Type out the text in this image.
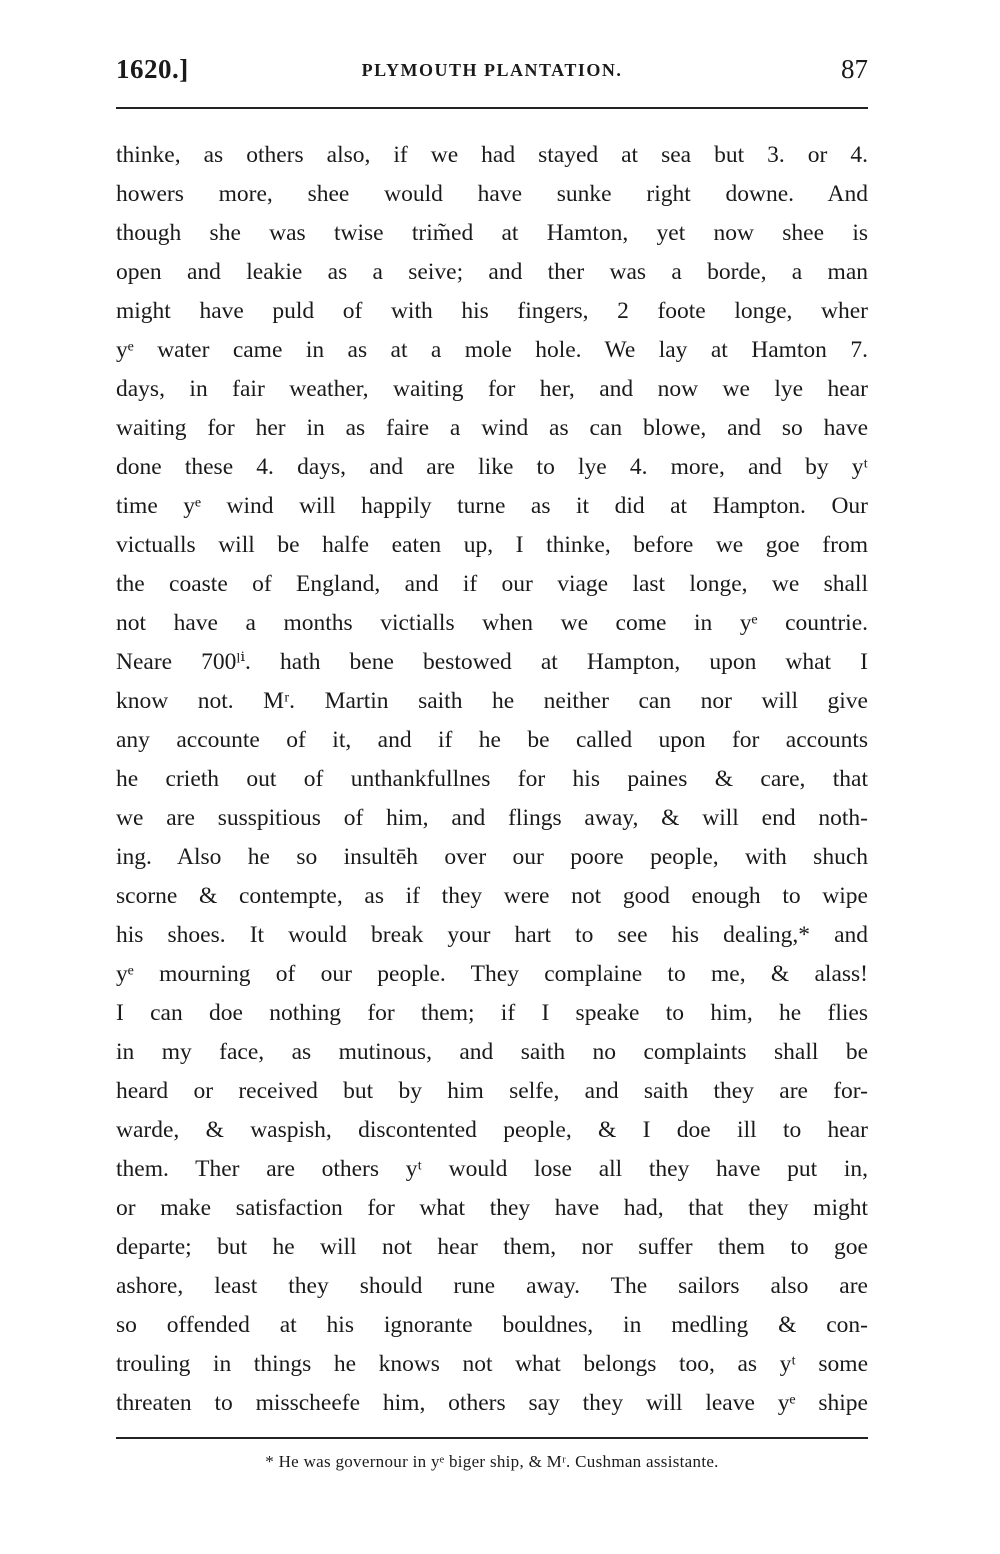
1620.]	PLYMOUTH PLANTATION.	87
thinke, as others also, if we had stayed at sea but 3. or 4.
howers more, shee would have sunke right downe. And
though she was twise trim̃ed at Hamton, yet now shee is
open and leakie as a seive; and ther was a borde, a man
might have puld of with his fingers, 2 foote longe, wher
yᵉ water came in as at a mole hole. We lay at Hamton 7.
days, in fair weather, waiting for her, and now we lye hear
waiting for her in as faire a wind as can blowe, and so have
done these 4. days, and are like to lye 4. more, and by yᵗ
time yᵉ wind will happily turne as it did at Hampton. Our
victualls will be halfe eaten up, I thinke, before we goe from
the coaste of England, and if our viage last longe, we shall
not have a months victialls when we come in yᵉ countrie.
Neare 700ˡⁱ. hath bene bestowed at Hampton, upon what I
know not. Mʳ. Martin saith he neither can nor will give
any accounte of it, and if he be called upon for accounts
he crieth out of unthankfullnes for his paines & care, that
we are susspitious of him, and flings away, & will end noth-
ing. Also he so insultēh over our poore people, with shuch
scorne & contempte, as if they were not good enough to wipe
his shoes. It would break your hart to see his dealing,* and
yᵉ mourning of our people. They complaine to me, & alass!
I can doe nothing for them; if I speake to him, he flies
in my face, as mutinous, and saith no complaints shall be
heard or received but by him selfe, and saith they are for-
warde, & waspish, discontented people, & I doe ill to hear
them. Ther are others yᵗ would lose all they have put in,
or make satisfaction for what they have had, that they might
departe; but he will not hear them, nor suffer them to goe
ashore, least they should rune away. The sailors also are
so offended at his ignorante bouldnes, in medling & con-
trouling in things he knows not what belongs too, as yᵗ some
threaten to misscheefe him, others say they will leave yᵉ shipe
* He was governour in yᵉ biger ship, & Mʳ. Cushman assistante.
